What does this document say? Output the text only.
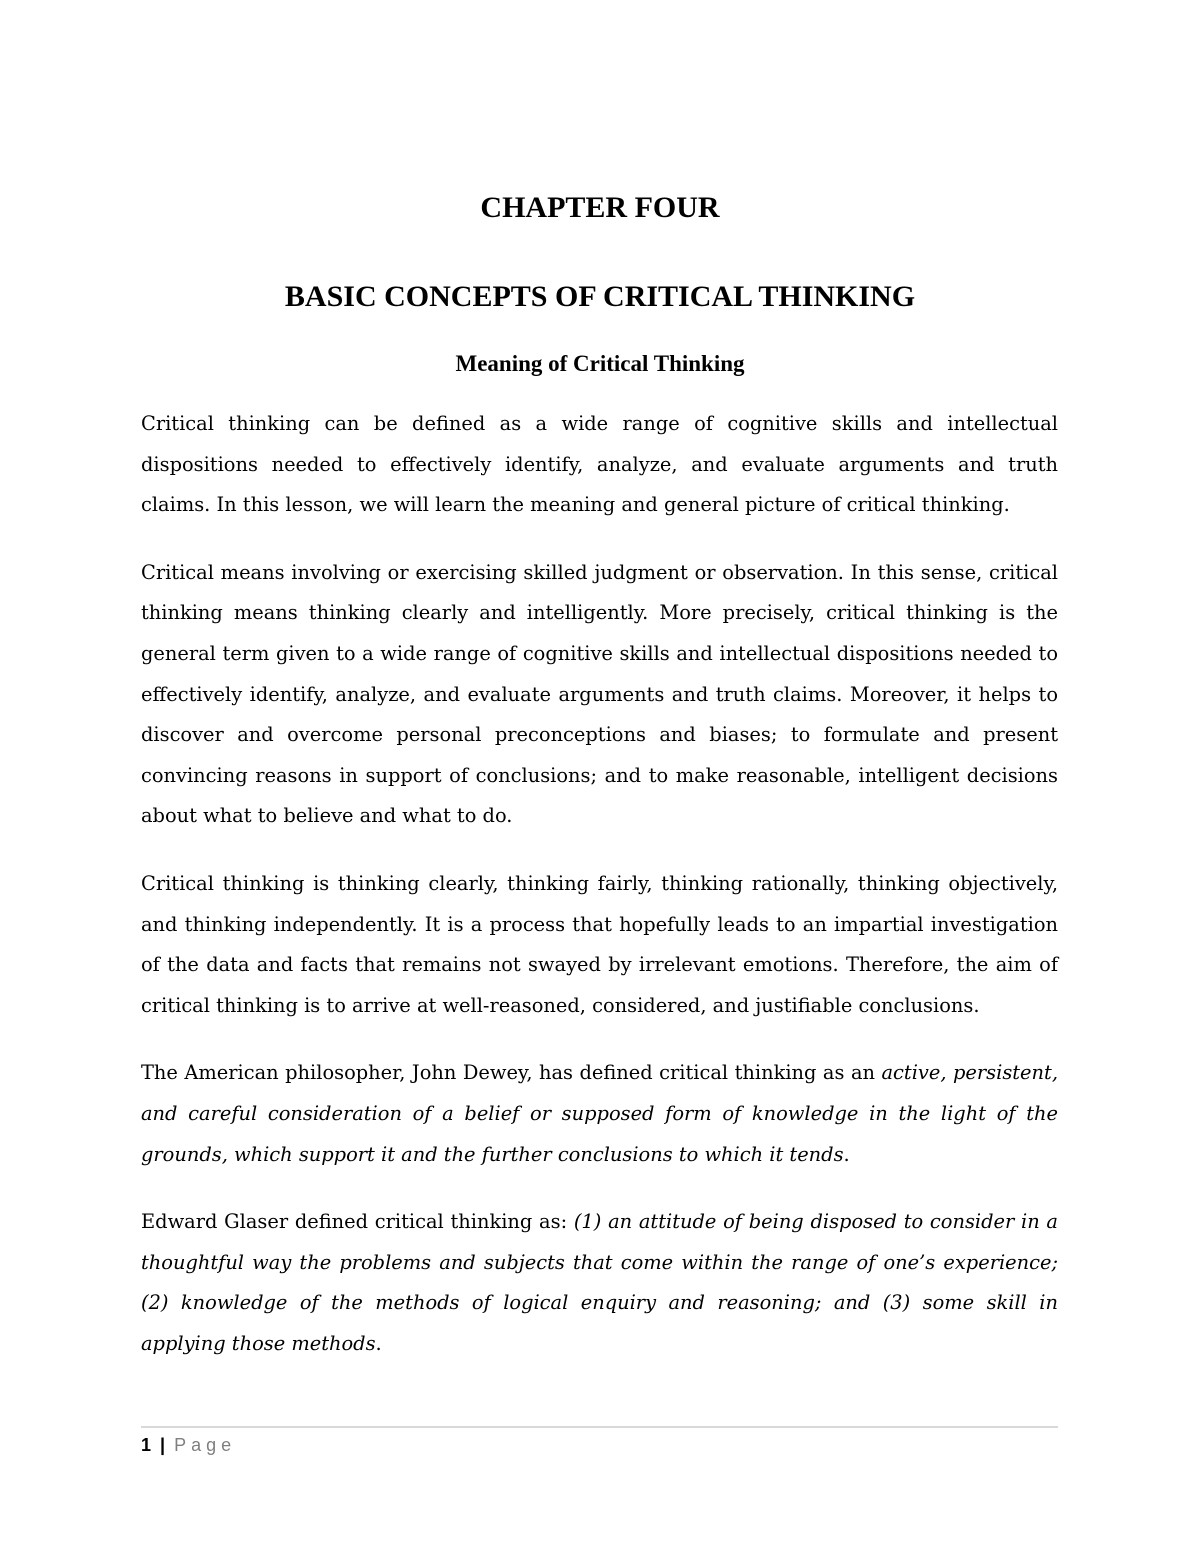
CHAPTER FOUR
BASIC CONCEPTS OF CRITICAL THINKING
Meaning of Critical Thinking

Critical thinking can be defined as a wide range of cognitive skills and intellectual dispositions needed to effectively identify, analyze, and evaluate arguments and truth claims. In this lesson, we will learn the meaning and general picture of critical thinking.

Critical means involving or exercising skilled judgment or observation. In this sense, critical thinking means thinking clearly and intelligently. More precisely, critical thinking is the general term given to a wide range of cognitive skills and intellectual dispositions needed to effectively identify, analyze, and evaluate arguments and truth claims. Moreover, it helps to discover and overcome personal preconceptions and biases; to formulate and present convincing reasons in support of conclusions; and to make reasonable, intelligent decisions about what to believe and what to do.

Critical thinking is thinking clearly, thinking fairly, thinking rationally, thinking objectively, and thinking independently. It is a process that hopefully leads to an impartial investigation of the data and facts that remains not swayed by irrelevant emotions. Therefore, the aim of critical thinking is to arrive at well-reasoned, considered, and justifiable conclusions.

The American philosopher, John Dewey, has defined critical thinking as an active, persistent, and careful consideration of a belief or supposed form of knowledge in the light of the grounds, which support it and the further conclusions to which it tends.

Edward Glaser defined critical thinking as: (1) an attitude of being disposed to consider in a thoughtful way the problems and subjects that come within the range of one’s experience; (2) knowledge of the methods of logical enquiry and reasoning; and (3) some skill in applying those methods.

1 | Page
